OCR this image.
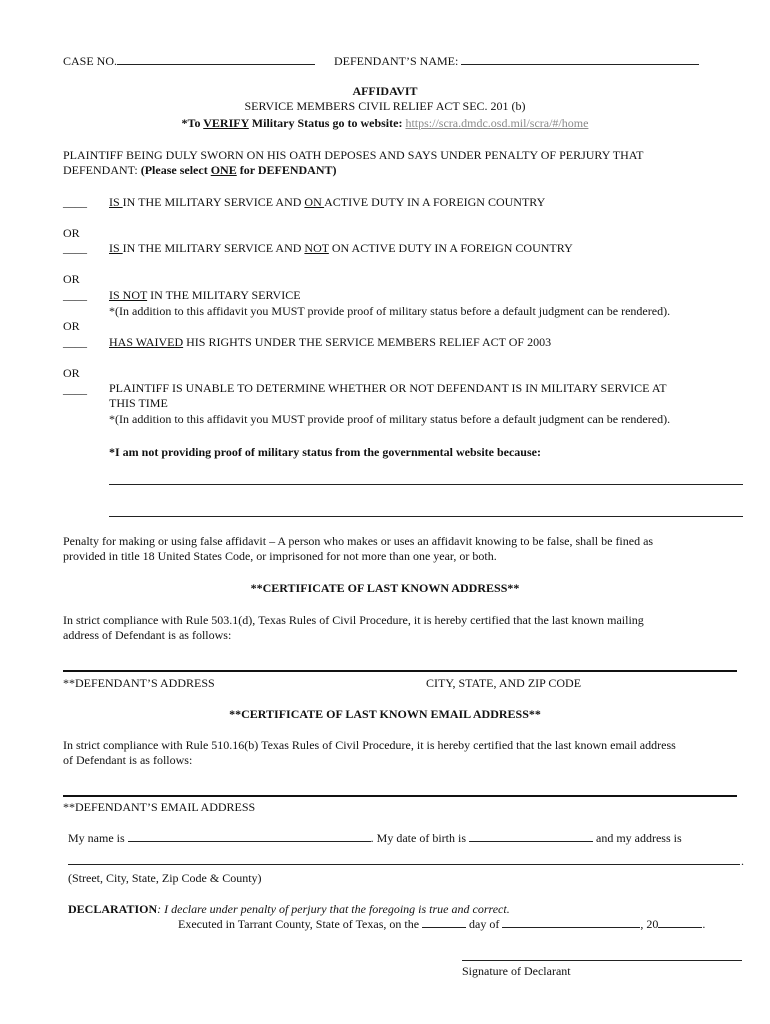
CASE NO.	DEFENDANT’S NAME:
AFFIDAVIT
SERVICE MEMBERS CIVIL RELIEF ACT SEC. 201 (b)
*To VERIFY Military Status go to website: https://scra.dmdc.osd.mil/scra/#/home
PLAINTIFF BEING DULY SWORN ON HIS OATH DEPOSES AND SAYS UNDER PENALTY OF PERJURY THAT
DEFENDANT: (Please select ONE for DEFENDANT)
____ IS IN THE MILITARY SERVICE AND ON ACTIVE DUTY IN A FOREIGN COUNTRY
OR
____ IS IN THE MILITARY SERVICE AND NOT ON ACTIVE DUTY IN A FOREIGN COUNTRY
OR
____ IS NOT IN THE MILITARY SERVICE
*(In addition to this affidavit you MUST provide proof of military status before a default judgment can be rendered).
OR
____ HAS WAIVED HIS RIGHTS UNDER THE SERVICE MEMBERS RELIEF ACT OF 2003
OR
____ PLAINTIFF IS UNABLE TO DETERMINE WHETHER OR NOT DEFENDANT IS IN MILITARY SERVICE AT
THIS TIME
*(In addition to this affidavit you MUST provide proof of military status before a default judgment can be rendered).
*I am not providing proof of military status from the governmental website because:
Penalty for making or using false affidavit – A person who makes or uses an affidavit knowing to be false, shall be fined as
provided in title 18 United States Code, or imprisoned for not more than one year, or both.
**CERTIFICATE OF LAST KNOWN ADDRESS**
In strict compliance with Rule 503.1(d), Texas Rules of Civil Procedure, it is hereby certified that the last known mailing
address of Defendant is as follows:
**DEFENDANT’S ADDRESS	CITY, STATE, AND ZIP CODE
**CERTIFICATE OF LAST KNOWN EMAIL ADDRESS**
In strict compliance with Rule 510.16(b) Texas Rules of Civil Procedure, it is hereby certified that the last known email address
of Defendant is as follows:
**DEFENDANT’S EMAIL ADDRESS
My name is	. My date of birth is	and my address is
.
(Street, City, State, Zip Code & County)
DECLARATION: I declare under penalty of perjury that the foregoing is true and correct.
Executed in Tarrant County, State of Texas, on the	day of	, 20	.
Signature of Declarant
